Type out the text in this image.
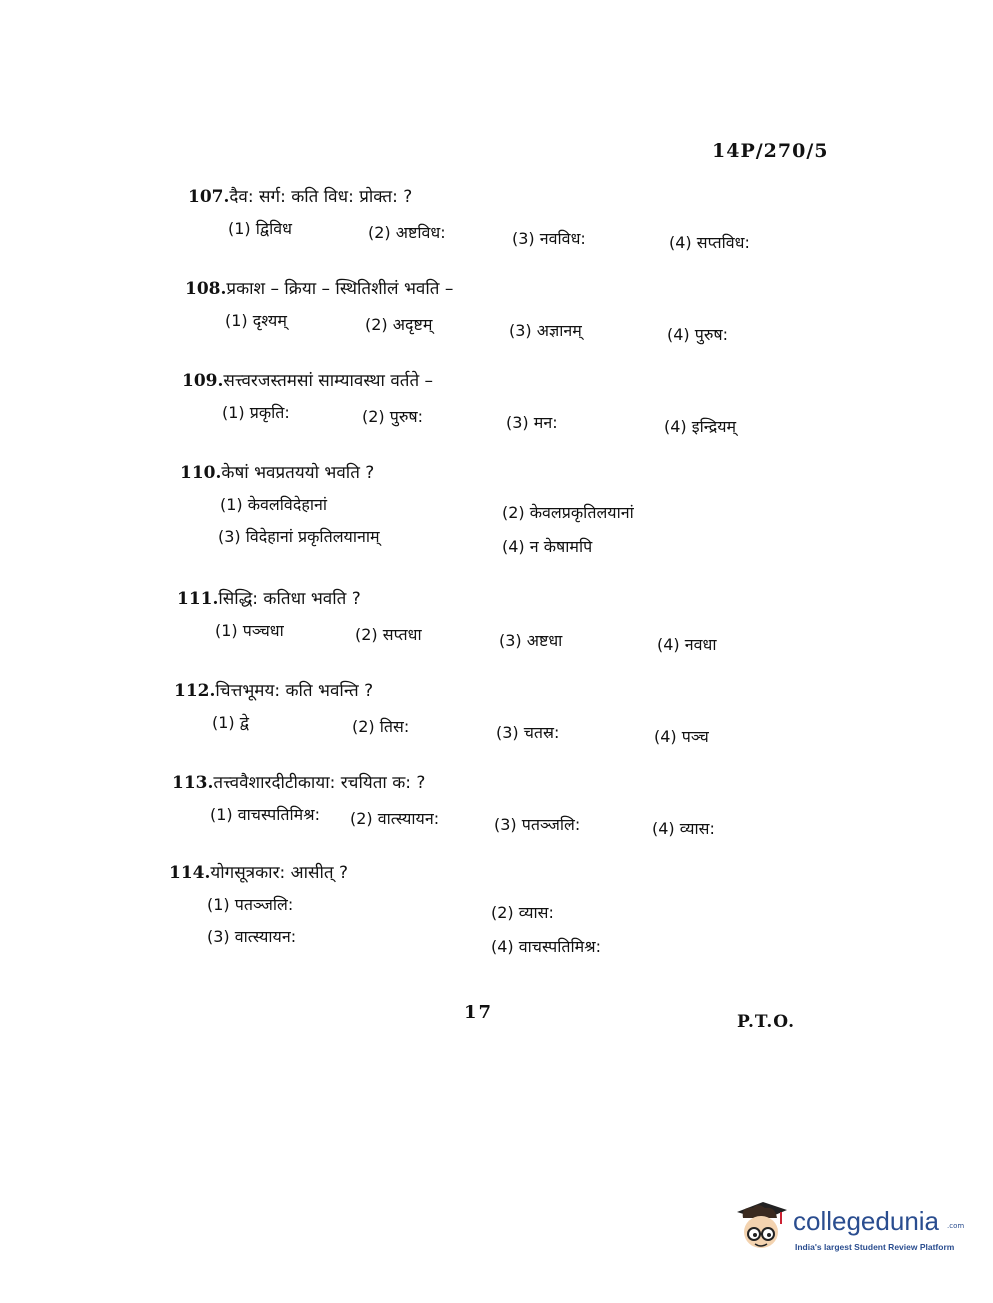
14P/270/5
107.दैव: सर्ग: कति विध: प्रोक्त: ?
(1) द्विविध	(2) अष्टविध:	(3) नवविध:	(4) सप्तविध:
108.प्रकाश – क्रिया – स्थितिशीलं भवति –
(1) दृश्यम्	(2) अदृष्टम्	(3) अज्ञानम्	(4) पुरुष:
109.सत्त्वरजस्तमसां साम्यावस्था वर्तते –
(1) प्रकृति:	(2) पुरुष:	(3) मन:	(4) इन्द्रियम्
110.केषां भवप्रतययो भवति ?
(1) केवलविदेहानां	(2) केवलप्रकृतिलयानां
(3) विदेहानां प्रकृतिलयानाम्
(4) न केषामपि
111.सिद्धि: कतिधा भवति ?
(1) पञ्चधा	(2) सप्तधा	(3) अष्टधा	(4) नवधा
112.चित्तभूमय: कति भवन्ति ?
(1) द्वे	(2) तिस:	(3) चतस्र:	(4) पञ्च
113.तत्त्ववैशारदीटीकाया: रचयिता क: ?
(1) वाचस्पतिमिश्र: (2) वात्स्यायन:	(3) पतञ्जलि:	(4) व्यास:
114.योगसूत्रकार: आसीत् ?
(1) पतञ्जलि:	(2) व्यास:
(3) वात्स्यायन:
(4) वाचस्पतिमिश्र:
17	P.T.O.
collegedunia .com
India's largest Student Review Platform
